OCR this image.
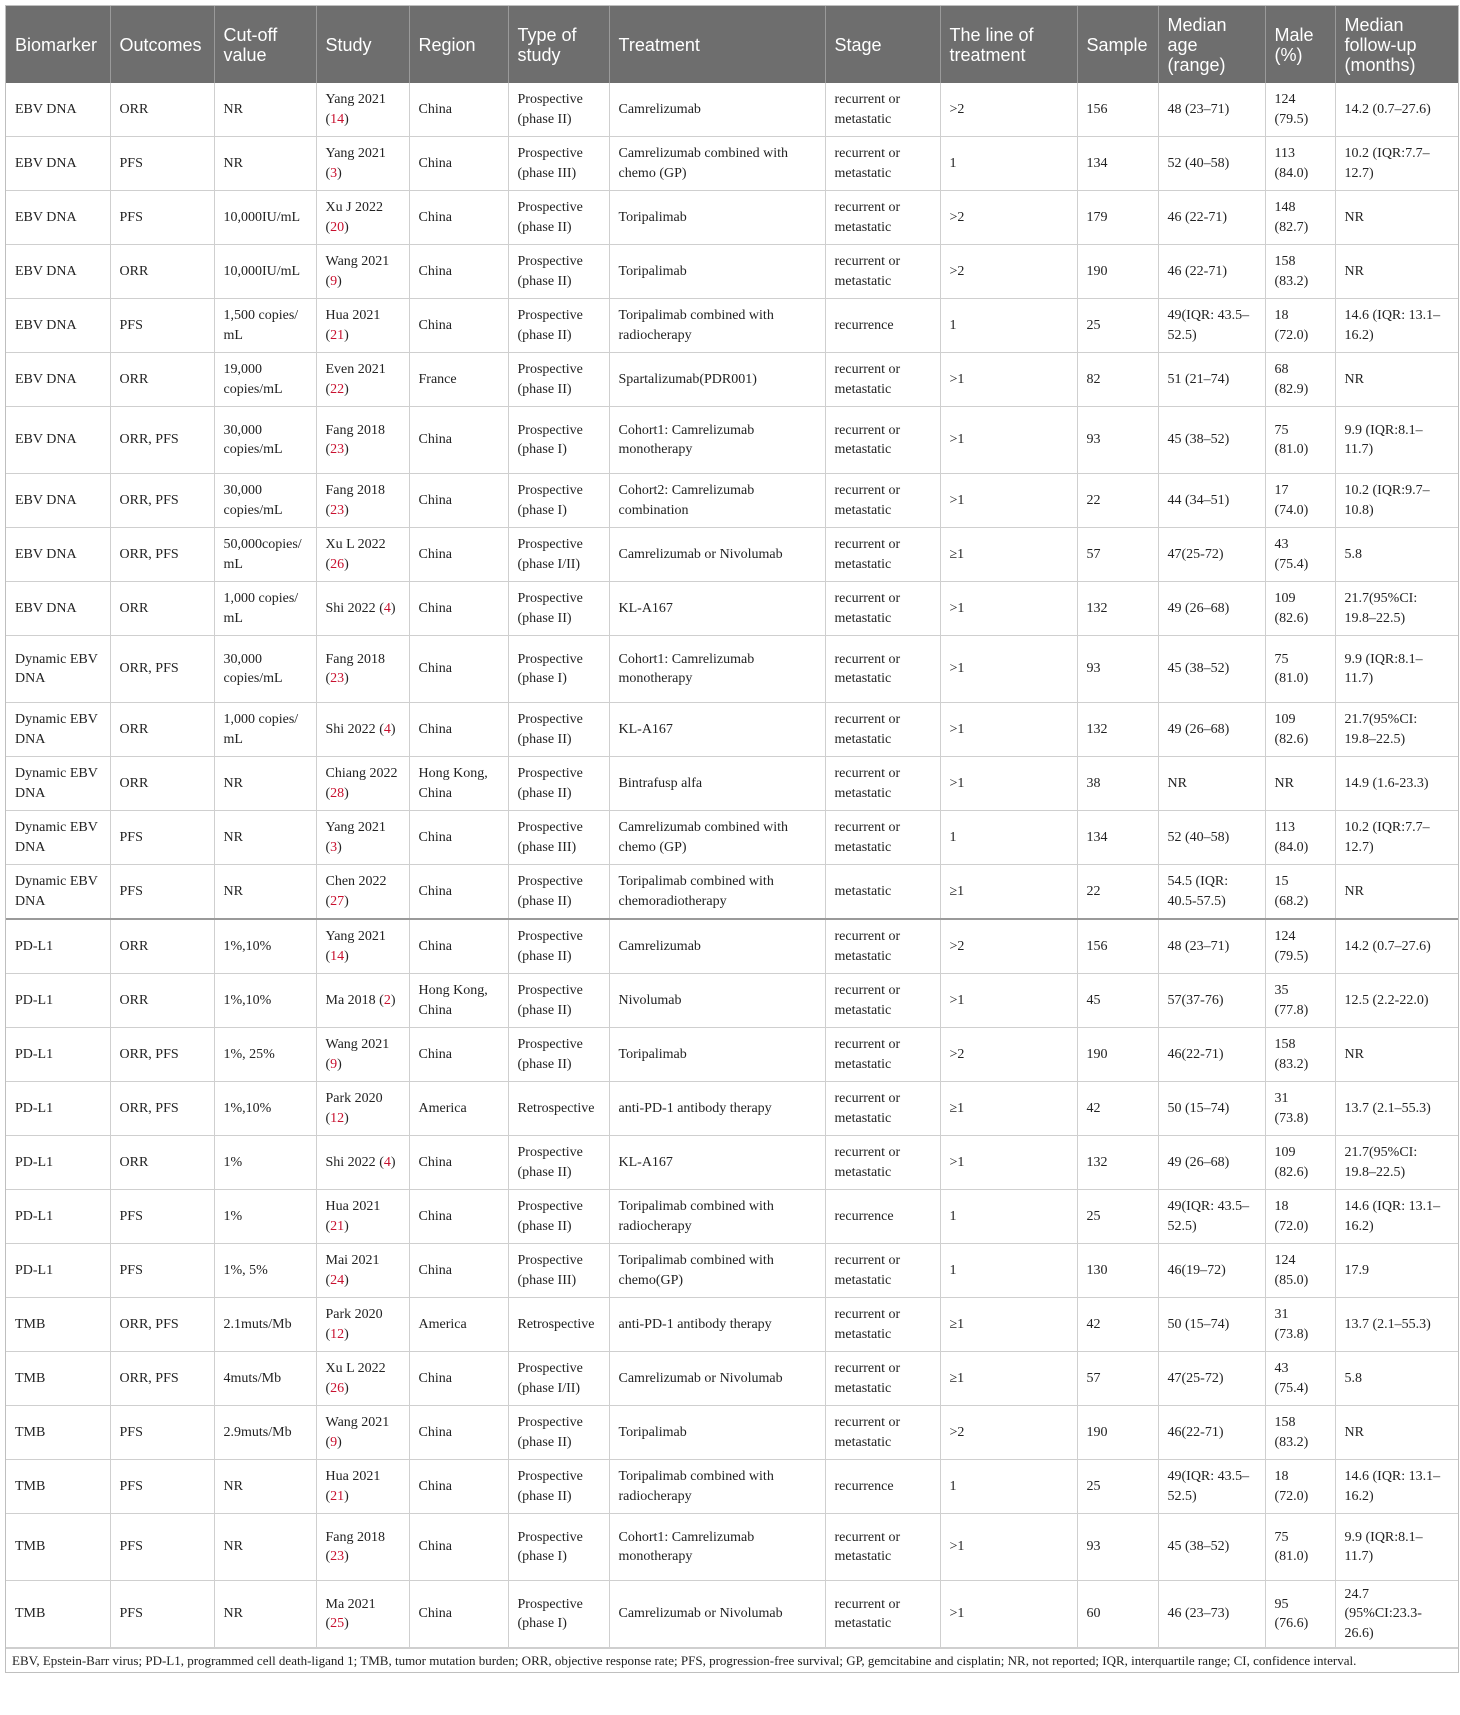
Biomarker	Outcomes	Cut-off value	Study	Region	Type of study	Treatment	Stage	The line of treatment	Sample	Median age (range)	Male (%)	Median follow-up (months)
EBV DNA	ORR	NR	Yang 2021 (14)	China	Prospective (phase II)	Camrelizumab	recurrent or metastatic	>2	156	48 (23–71)	124 (79.5)	14.2 (0.7–27.6)
EBV DNA	PFS	NR	Yang 2021 (3)	China	Prospective (phase III)	Camrelizumab combined with chemo (GP)	recurrent or metastatic	1	134	52 (40–58)	113 (84.0)	10.2 (IQR:7.7–12.7)
EBV DNA	PFS	10,000IU/mL	Xu J 2022 (20)	China	Prospective (phase II)	Toripalimab	recurrent or metastatic	>2	179	46 (22-71)	148 (82.7)	NR
EBV DNA	ORR	10,000IU/mL	Wang 2021 (9)	China	Prospective (phase II)	Toripalimab	recurrent or metastatic	>2	190	46 (22-71)	158 (83.2)	NR
EBV DNA	PFS	1,500 copies/ mL	Hua 2021 (21)	China	Prospective (phase II)	Toripalimab combined with radiocherapy	recurrence	1	25	49(IQR: 43.5–52.5)	18 (72.0)	14.6 (IQR: 13.1–16.2)
EBV DNA	ORR	19,000 copies/mL	Even 2021 (22)	France	Prospective (phase II)	Spartalizumab(PDR001)	recurrent or metastatic	>1	82	51 (21–74)	68 (82.9)	NR
EBV DNA	ORR, PFS	30,000 copies/mL	Fang 2018 (23)	China	Prospective (phase I)	Cohort1: Camrelizumab monotherapy	recurrent or metastatic	>1	93	45 (38–52)	75 (81.0)	9.9 (IQR:8.1–11.7)
EBV DNA	ORR, PFS	30,000 copies/mL	Fang 2018 (23)	China	Prospective (phase I)	Cohort2: Camrelizumab combination	recurrent or metastatic	>1	22	44 (34–51)	17 (74.0)	10.2 (IQR:9.7–10.8)
EBV DNA	ORR, PFS	50,000copies/ mL	Xu L 2022 (26)	China	Prospective (phase I/II)	Camrelizumab or Nivolumab	recurrent or metastatic	≥1	57	47(25-72)	43 (75.4)	5.8
EBV DNA	ORR	1,000 copies/ mL	Shi 2022 (4)	China	Prospective (phase II)	KL-A167	recurrent or metastatic	>1	132	49 (26–68)	109 (82.6)	21.7(95%CI: 19.8–22.5)
Dynamic EBV DNA	ORR, PFS	30,000 copies/mL	Fang 2018 (23)	China	Prospective (phase I)	Cohort1: Camrelizumab monotherapy	recurrent or metastatic	>1	93	45 (38–52)	75 (81.0)	9.9 (IQR:8.1–11.7)
Dynamic EBV DNA	ORR	1,000 copies/ mL	Shi 2022 (4)	China	Prospective (phase II)	KL-A167	recurrent or metastatic	>1	132	49 (26–68)	109 (82.6)	21.7(95%CI: 19.8–22.5)
Dynamic EBV DNA	ORR	NR	Chiang 2022 (28)	Hong Kong, China	Prospective (phase II)	Bintrafusp alfa	recurrent or metastatic	>1	38	NR	NR	14.9 (1.6-23.3)
Dynamic EBV DNA	PFS	NR	Yang 2021 (3)	China	Prospective (phase III)	Camrelizumab combined with chemo (GP)	recurrent or metastatic	1	134	52 (40–58)	113 (84.0)	10.2 (IQR:7.7–12.7)
Dynamic EBV DNA	PFS	NR	Chen 2022 (27)	China	Prospective (phase II)	Toripalimab combined with chemoradiotherapy	metastatic	≥1	22	54.5 (IQR: 40.5-57.5)	15 (68.2)	NR
PD-L1	ORR	1%,10%	Yang 2021 (14)	China	Prospective (phase II)	Camrelizumab	recurrent or metastatic	>2	156	48 (23–71)	124 (79.5)	14.2 (0.7–27.6)
PD-L1	ORR	1%,10%	Ma 2018 (2)	Hong Kong, China	Prospective (phase II)	Nivolumab	recurrent or metastatic	>1	45	57(37-76)	35 (77.8)	12.5 (2.2-22.0)
PD-L1	ORR, PFS	1%, 25%	Wang 2021 (9)	China	Prospective (phase II)	Toripalimab	recurrent or metastatic	>2	190	46(22-71)	158 (83.2)	NR
PD-L1	ORR, PFS	1%,10%	Park 2020 (12)	America	Retrospective	anti-PD-1 antibody therapy	recurrent or metastatic	≥1	42	50 (15–74)	31 (73.8)	13.7 (2.1–55.3)
PD-L1	ORR	1%	Shi 2022 (4)	China	Prospective (phase II)	KL-A167	recurrent or metastatic	>1	132	49 (26–68)	109 (82.6)	21.7(95%CI: 19.8–22.5)
PD-L1	PFS	1%	Hua 2021 (21)	China	Prospective (phase II)	Toripalimab combined with radiocherapy	recurrence	1	25	49(IQR: 43.5–52.5)	18 (72.0)	14.6 (IQR: 13.1–16.2)
PD-L1	PFS	1%, 5%	Mai 2021 (24)	China	Prospective (phase III)	Toripalimab combined with chemo(GP)	recurrent or metastatic	1	130	46(19–72)	124 (85.0)	17.9
TMB	ORR, PFS	2.1muts/Mb	Park 2020 (12)	America	Retrospective	anti-PD-1 antibody therapy	recurrent or metastatic	≥1	42	50 (15–74)	31 (73.8)	13.7 (2.1–55.3)
TMB	ORR, PFS	4muts/Mb	Xu L 2022 (26)	China	Prospective (phase I/II)	Camrelizumab or Nivolumab	recurrent or metastatic	≥1	57	47(25-72)	43 (75.4)	5.8
TMB	PFS	2.9muts/Mb	Wang 2021 (9)	China	Prospective (phase II)	Toripalimab	recurrent or metastatic	>2	190	46(22-71)	158 (83.2)	NR
TMB	PFS	NR	Hua 2021 (21)	China	Prospective (phase II)	Toripalimab combined with radiocherapy	recurrence	1	25	49(IQR: 43.5–52.5)	18 (72.0)	14.6 (IQR: 13.1–16.2)
TMB	PFS	NR	Fang 2018 (23)	China	Prospective (phase I)	Cohort1: Camrelizumab monotherapy	recurrent or metastatic	>1	93	45 (38–52)	75 (81.0)	9.9 (IQR:8.1–11.7)
TMB	PFS	NR	Ma 2021 (25)	China	Prospective (phase I)	Camrelizumab or Nivolumab	recurrent or metastatic	>1	60	46 (23–73)	95 (76.6)	24.7 (95%CI:23.3-26.6)
EBV, Epstein-Barr virus; PD-L1, programmed cell death-ligand 1; TMB, tumor mutation burden; ORR, objective response rate; PFS, progression-free survival; GP, gemcitabine and cisplatin; NR, not reported; IQR, interquartile range; CI, confidence interval.
